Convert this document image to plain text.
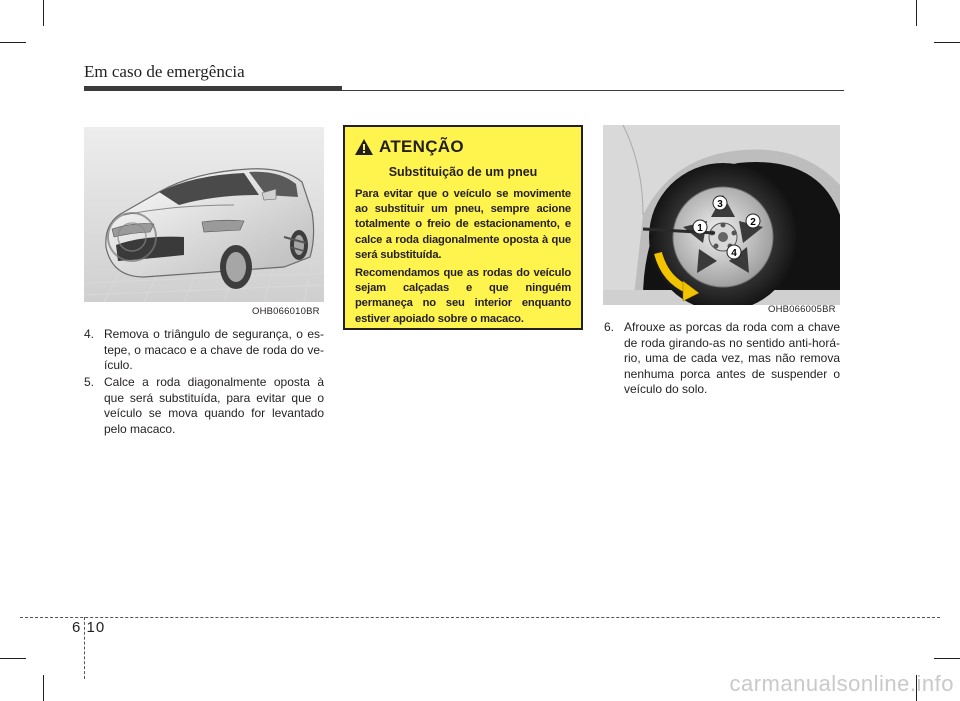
Em caso de emergência
OHB066010BR
1
2
3
4
OHB066005BR
4. Remova o triângulo de segurança, o estepe, o macaco e a chave de roda do veículo.
5. Calce a roda diagonalmente oposta à que será substituída, para evitar que o veículo se mova quando for levantado pelo macaco.
ATENÇÃO
Substituição de um pneu

Para evitar que o veículo se movimente ao substituir um pneu, sempre acione totalmente o freio de estacionamento, e calce a roda diagonalmente oposta à que será substituída.

Recomendamos que as rodas do veículo sejam calçadas e que ninguém permaneça no seu interior enquanto estiver apoiado sobre o macaco.

6. Afrouxe as porcas da roda com a chave de roda girando-as no sentido anti-horário, uma de cada vez, mas não remova nenhuma porca antes de suspender o veículo do solo.
6 10
carmanualsonline.info
